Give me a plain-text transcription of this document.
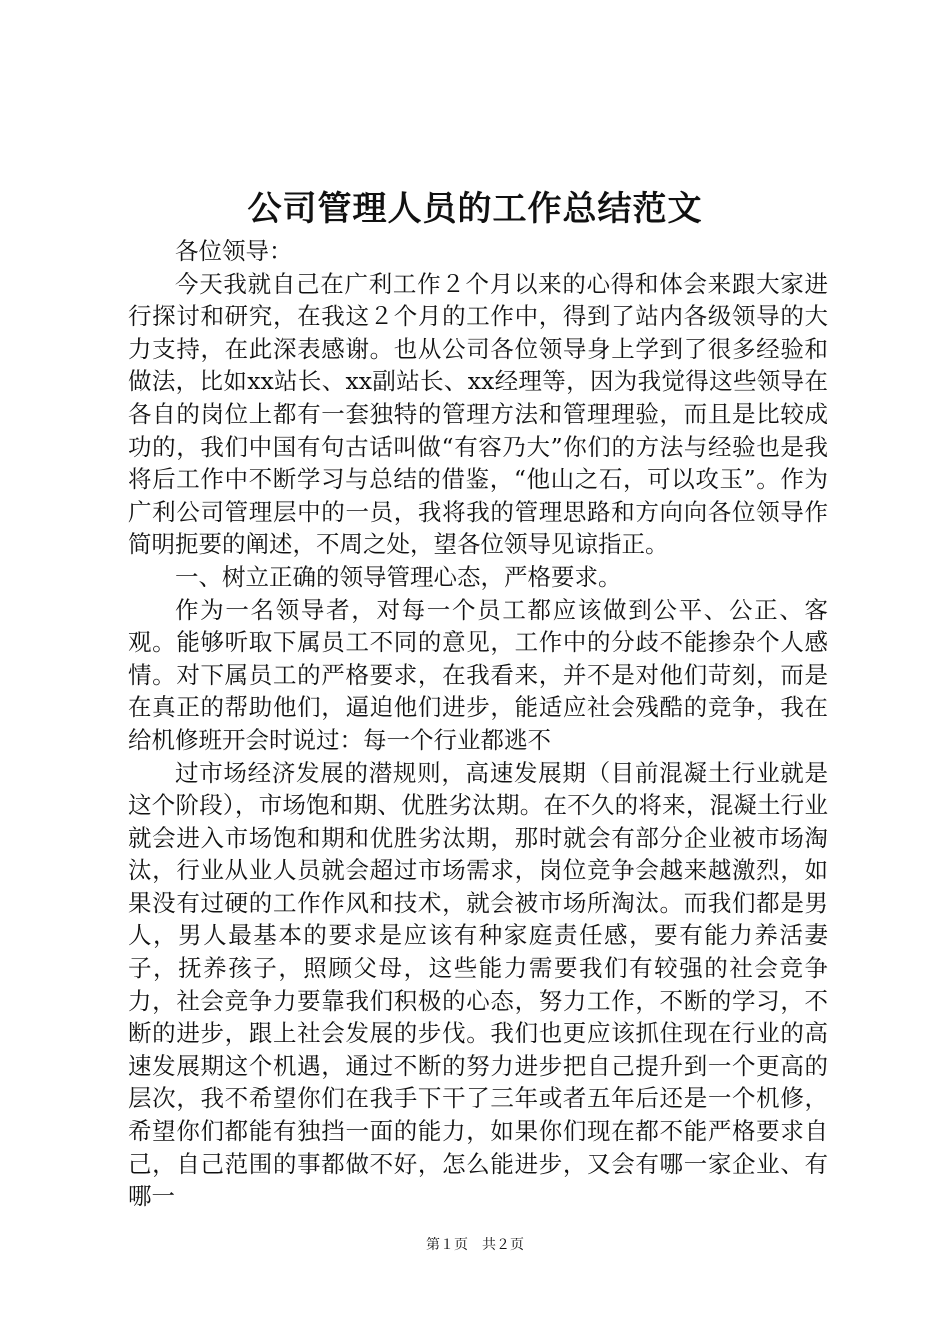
公司管理人员的工作总结范文

各位领导：

今天我就自己在广利工作２个月以来的心得和体会来跟大家进行探讨和研究，在我这２个月的工作中，得到了站内各级领导的大力支持，在此深表感谢。也从公司各位领导身上学到了很多经验和做法，比如xx站长、xx副站长、xx经理等，因为我觉得这些领导在各自的岗位上都有一套独特的管理方法和管理理验，而且是比较成功的，我们中国有句古话叫做“有容乃大”你们的方法与经验也是我将后工作中不断学习与总结的借鉴，“他山之石，可以攻玉”。作为广利公司管理层中的一员，我将我的管理思路和方向向各位领导作简明扼要的阐述，不周之处，望各位领导见谅指正。

一、树立正确的领导管理心态，严格要求。

作为一名领导者，对每一个员工都应该做到公平、公正、客观。能够听取下属员工不同的意见，工作中的分歧不能掺杂个人感情。对下属员工的严格要求，在我看来，并不是对他们苛刻，而是在真正的帮助他们，逼迫他们进步，能适应社会残酷的竞争，我在给机修班开会时说过：每一个行业都逃不

过市场经济发展的潜规则，高速发展期（目前混凝土行业就是这个阶段），市场饱和期、优胜劣汰期。在不久的将来，混凝土行业就会进入市场饱和期和优胜劣汰期，那时就会有部分企业被市场淘汰，行业从业人员就会超过市场需求，岗位竞争会越来越激烈，如果没有过硬的工作作风和技术，就会被市场所淘汰。而我们都是男人，男人最基本的要求是应该有种家庭责任感，要有能力养活妻子，抚养孩子，照顾父母，这些能力需要我们有较强的社会竞争力，社会竞争力要靠我们积极的心态，努力工作，不断的学习，不断的进步，跟上社会发展的步伐。我们也更应该抓住现在行业的高速发展期这个机遇，通过不断的努力进步把自己提升到一个更高的层次，我不希望你们在我手下干了三年或者五年后还是一个机修，希望你们都能有独挡一面的能力，如果你们现在都不能严格要求自己，自己范围的事都做不好，怎么能进步，又会有哪一家企业、有哪一

第１页　共２页
